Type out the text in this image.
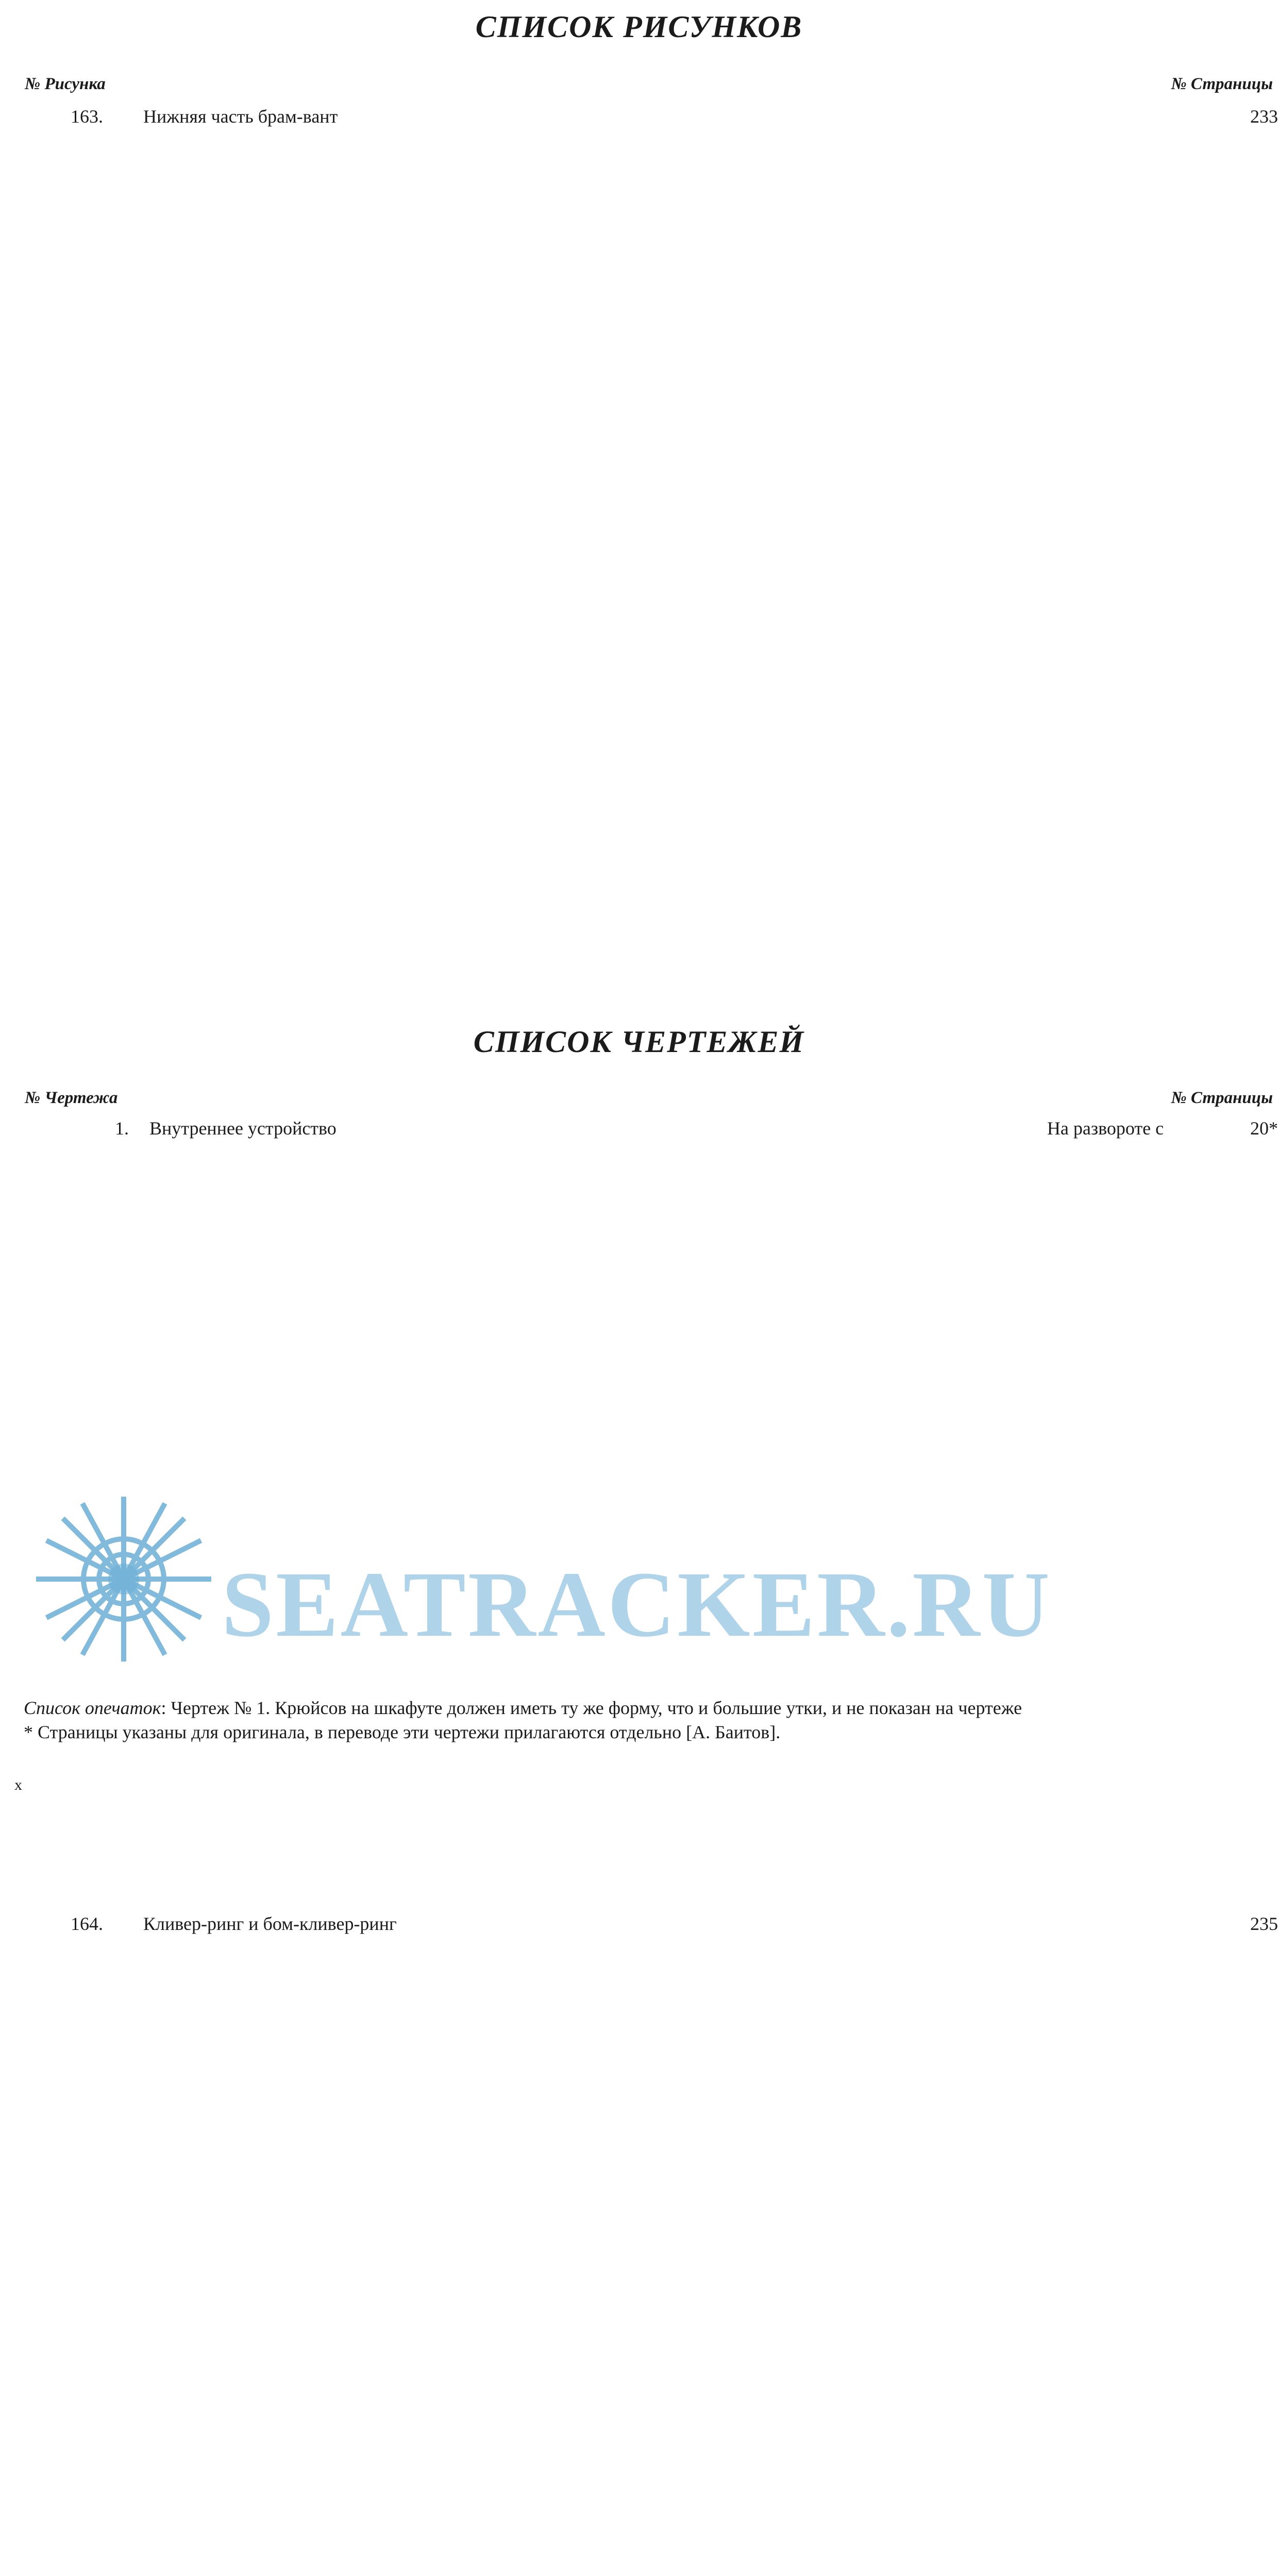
СПИСОК РИСУНКОВ
№ Рисунка	№ Страницы
163.	Нижняя часть брам-вант	233
164.	Кливер-ринг и бом-кливер-ринг	235

СПИСОК ЧЕРТЕЖЕЙ
№ Чертежа	№ Страницы
1.	Внутреннее устройство	На развороте с	20*

Список опечаток: Чертеж № 1. Крюйсов на шкафуте должен иметь ту же форму, что и большие утки, и не показан на чертеже

* Страницы указаны для оригинала, в переводе эти чертежи прилагаются отдельно [А. Баитов].

x
SEATRACKER.RU
